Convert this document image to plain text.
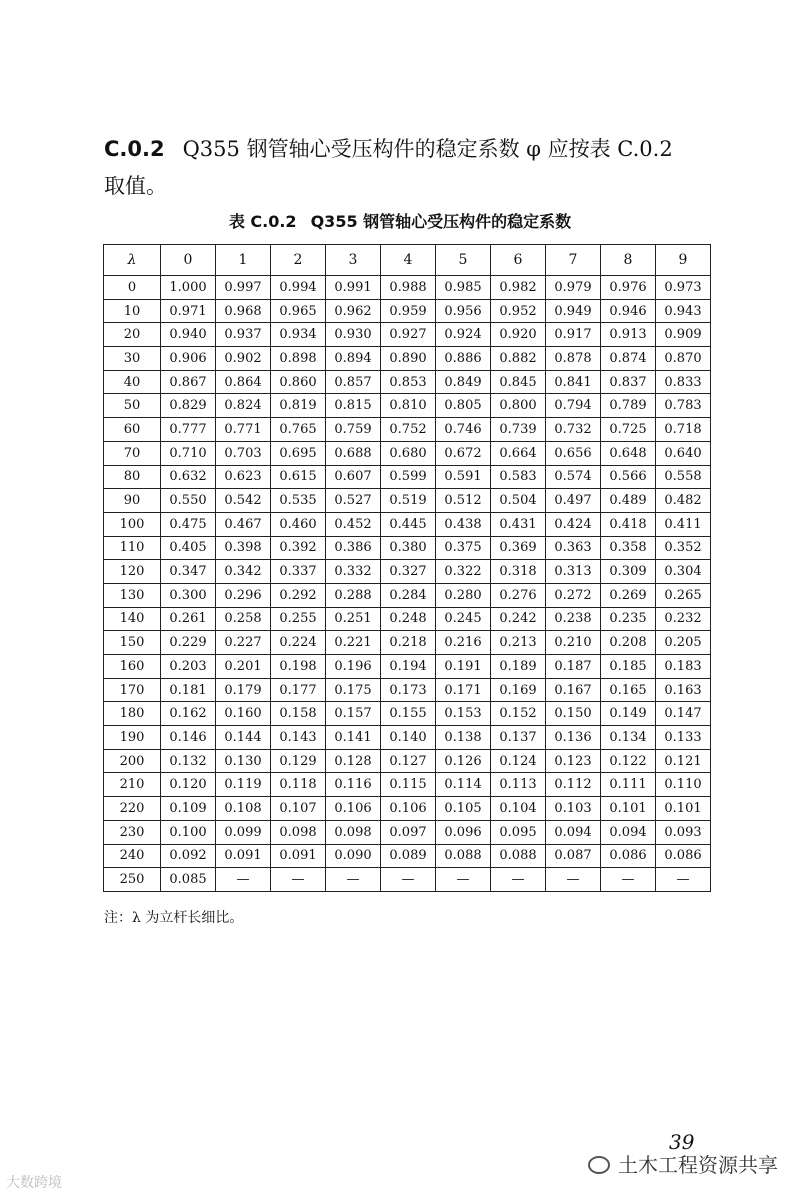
C.0.2 Q355 钢管轴心受压构件的稳定系数 φ 应按表 C.0.2
取值。
表 C.0.2 Q355 钢管轴心受压构件的稳定系数
λ	0	1	2	3	4	5	6	7	8	9
0	1.000	0.997	0.994	0.991	0.988	0.985	0.982	0.979	0.976	0.973
10	0.971	0.968	0.965	0.962	0.959	0.956	0.952	0.949	0.946	0.943
20	0.940	0.937	0.934	0.930	0.927	0.924	0.920	0.917	0.913	0.909
30	0.906	0.902	0.898	0.894	0.890	0.886	0.882	0.878	0.874	0.870
40	0.867	0.864	0.860	0.857	0.853	0.849	0.845	0.841	0.837	0.833
50	0.829	0.824	0.819	0.815	0.810	0.805	0.800	0.794	0.789	0.783
60	0.777	0.771	0.765	0.759	0.752	0.746	0.739	0.732	0.725	0.718
70	0.710	0.703	0.695	0.688	0.680	0.672	0.664	0.656	0.648	0.640
80	0.632	0.623	0.615	0.607	0.599	0.591	0.583	0.574	0.566	0.558
90	0.550	0.542	0.535	0.527	0.519	0.512	0.504	0.497	0.489	0.482
100	0.475	0.467	0.460	0.452	0.445	0.438	0.431	0.424	0.418	0.411
110	0.405	0.398	0.392	0.386	0.380	0.375	0.369	0.363	0.358	0.352
120	0.347	0.342	0.337	0.332	0.327	0.322	0.318	0.313	0.309	0.304
130	0.300	0.296	0.292	0.288	0.284	0.280	0.276	0.272	0.269	0.265
140	0.261	0.258	0.255	0.251	0.248	0.245	0.242	0.238	0.235	0.232
150	0.229	0.227	0.224	0.221	0.218	0.216	0.213	0.210	0.208	0.205
160	0.203	0.201	0.198	0.196	0.194	0.191	0.189	0.187	0.185	0.183
170	0.181	0.179	0.177	0.175	0.173	0.171	0.169	0.167	0.165	0.163
180	0.162	0.160	0.158	0.157	0.155	0.153	0.152	0.150	0.149	0.147
190	0.146	0.144	0.143	0.141	0.140	0.138	0.137	0.136	0.134	0.133
200	0.132	0.130	0.129	0.128	0.127	0.126	0.124	0.123	0.122	0.121
210	0.120	0.119	0.118	0.116	0.115	0.114	0.113	0.112	0.111	0.110
220	0.109	0.108	0.107	0.106	0.106	0.105	0.104	0.103	0.101	0.101
230	0.100	0.099	0.098	0.098	0.097	0.096	0.095	0.094	0.094	0.093
240	0.092	0.091	0.091	0.090	0.089	0.088	0.088	0.087	0.086	0.086
250	0.085	—	—	—	—	—	—	—	—	—
注：λ 为立杆长细比。
39
土木工程资源共享
大数跨境
